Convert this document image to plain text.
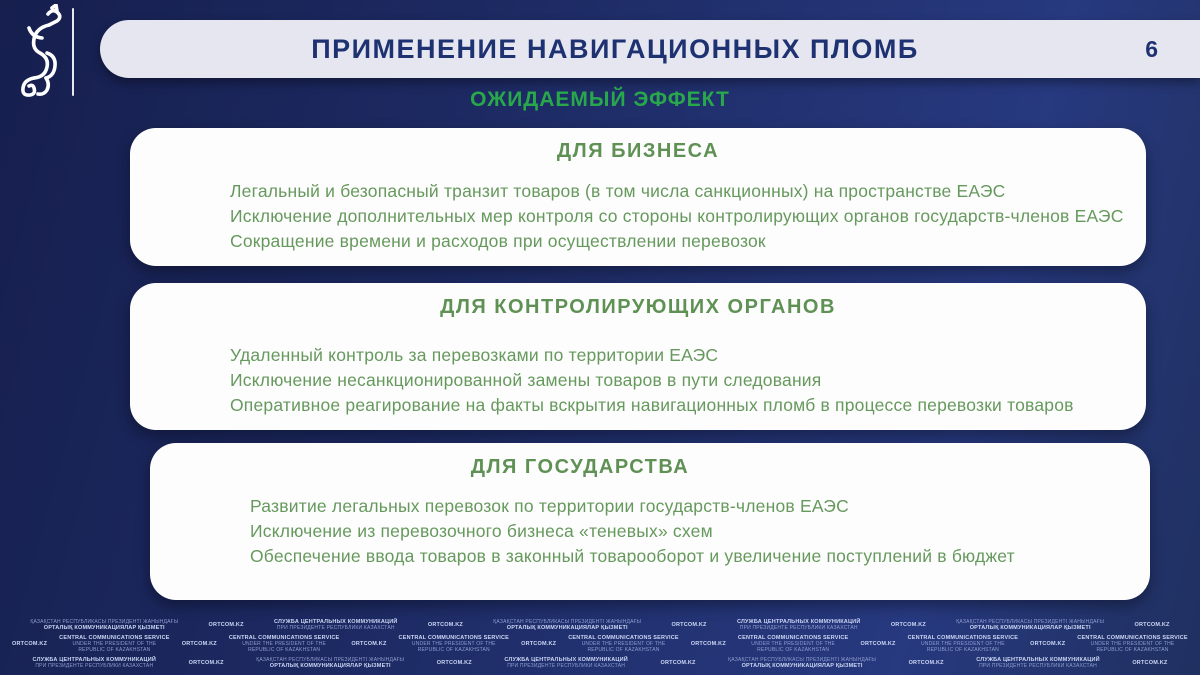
ПРИМЕНЕНИЕ НАВИГАЦИОННЫХ ПЛОМБ	6
ОЖИДАЕМЫЙ ЭФФЕКТ
ДЛЯ БИЗНЕСА
Легальный и безопасный транзит товаров (в том числа санкционных) на пространстве ЕАЭС
Исключение дополнительных мер контроля со стороны контролирующих органов государств-членов ЕАЭС
Сокращение времени и расходов при осуществлении перевозок
ДЛЯ КОНТРОЛИРУЮЩИХ ОРГАНОВ
Удаленный контроль за перевозками по территории ЕАЭС
Исключение несанкционированной замены товаров в пути следования
Оперативное реагирование на факты вскрытия навигационных пломб в процессе перевозки товаров
ДЛЯ ГОСУДАРСТВА
Развитие легальных перевозок по территории государств-членов ЕАЭС
Исключение из перевозочного бизнеса «теневых» схем
Обеспечение ввода товаров в законный товарооборот и увеличение поступлений в бюджет
ҚАЗАҚСТАН РЕСПУБЛИКАСЫ ПРЕЗИДЕНТІ ЖАНЫНДАҒЫ
ОРТАЛЫҚ КОММУНИКАЦИЯЛАР ҚЫЗМЕТІ	ORTCOM.KZ	СЛУЖБА ЦЕНТРАЛЬНЫХ КОММУНИКАЦИЙ
ПРИ ПРЕЗИДЕНТЕ РЕСПУБЛИКИ КАЗАХСТАН	ORTCOM.KZ	ҚАЗАҚСТАН РЕСПУБЛИКАСЫ ПРЕЗИДЕНТІ ЖАНЫНДАҒЫ
ОРТАЛЫҚ КОММУНИКАЦИЯЛАР ҚЫЗМЕТІ	ORTCOM.KZ	СЛУЖБА ЦЕНТРАЛЬНЫХ КОММУНИКАЦИЙ
ПРИ ПРЕЗИДЕНТЕ РЕСПУБЛИКИ КАЗАХСТАН	ORTCOM.KZ	ҚАЗАҚСТАН РЕСПУБЛИКАСЫ ПРЕЗИДЕНТІ ЖАНЫНДАҒЫ
ОРТАЛЫҚ КОММУНИКАЦИЯЛАР ҚЫЗМЕТІ	ORTCOM.KZ
ORTCOM.KZ
CENTRAL COMMUNICATIONS SERVICE
UNDER THE PRESIDENT OF THE
REPUBLIC OF KAZAKHSTAN
ORTCOM.KZ
CENTRAL COMMUNICATIONS SERVICE
UNDER THE PRESIDENT OF THE
REPUBLIC OF KAZAKHSTAN
ORTCOM.KZ
CENTRAL COMMUNICATIONS SERVICE
UNDER THE PRESIDENT OF THE
REPUBLIC OF KAZAKHSTAN
ORTCOM.KZ
CENTRAL COMMUNICATIONS SERVICE
UNDER THE PRESIDENT OF THE
REPUBLIC OF KAZAKHSTAN
ORTCOM.KZ
CENTRAL COMMUNICATIONS SERVICE
UNDER THE PRESIDENT OF THE
REPUBLIC OF KAZAKHSTAN
ORTCOM.KZ
CENTRAL COMMUNICATIONS SERVICE
UNDER THE PRESIDENT OF THE
REPUBLIC OF KAZAKHSTAN
ORTCOM.KZ
CENTRAL COMMUNICATIONS SERVICE
UNDER THE PRESIDENT OF THE
REPUBLIC OF KAZAKHSTAN
СЛУЖБА ЦЕНТРАЛЬНЫХ КОММУНИКАЦИЙ
ПРИ ПРЕЗИДЕНТЕ РЕСПУБЛИКИ КАЗАХСТАН	ORTCOM.KZ	ҚАЗАҚСТАН РЕСПУБЛИКАСЫ ПРЕЗИДЕНТІ ЖАНЫНДАҒЫ
ОРТАЛЫҚ КОММУНИКАЦИЯЛАР ҚЫЗМЕТІ	ORTCOM.KZ	СЛУЖБА ЦЕНТРАЛЬНЫХ КОММУНИКАЦИЙ
ПРИ ПРЕЗИДЕНТЕ РЕСПУБЛИКИ КАЗАХСТАН	ORTCOM.KZ	ҚАЗАҚСТАН РЕСПУБЛИКАСЫ ПРЕЗИДЕНТІ ЖАНЫНДАҒЫ
ОРТАЛЫҚ КОММУНИКАЦИЯЛАР ҚЫЗМЕТІ	ORTCOM.KZ	СЛУЖБА ЦЕНТРАЛЬНЫХ КОММУНИКАЦИЙ
ПРИ ПРЕЗИДЕНТЕ РЕСПУБЛИКИ КАЗАХСТАН	ORTCOM.KZ
